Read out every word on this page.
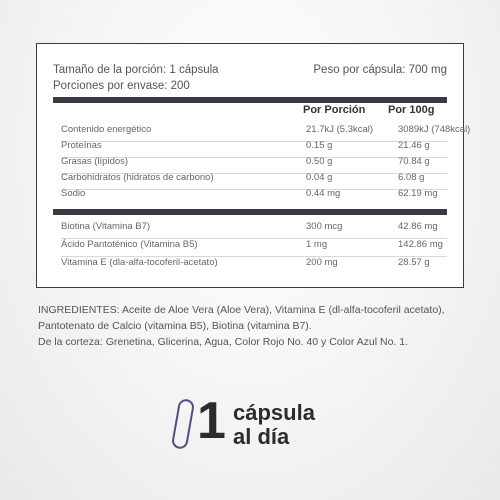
Tamaño de la porción: 1 cápsula	Peso por cápsula: 700 mg
Porciones por envase: 200
Por Porción Por 100g
Contenido energético	21.7kJ (5.3kcal)	3089kJ (748kcal)
Proteínas	0.15 g	21.46 g
Grasas (lípidos)	0.50 g	70.84 g
Carbohidratos (hidratos de carbono)	0.04 g	6.08 g
Sodio	0.44 mg	62.19 mg
Biotina (Vitamina B7)	300 mcg	42.86 mg
Ácido Pantoténico (Vitamina B5)	1 mg	142.86 mg
Vitamina E (dla-alfa-tocoferil-acetato)	200 mg	28.57 g
INGREDIENTES: Aceite de Aloe Vera (Aloe Vera), Vitamina E (dl-alfa-tocoferil acetato),
Pantotenato de Calcio (vitamina B5), Biotina (vitamina B7).
De la corteza: Grenetina, Glicerina, Agua, Color Rojo No. 40 y Color Azul No. 1.
1 cápsula
al día
